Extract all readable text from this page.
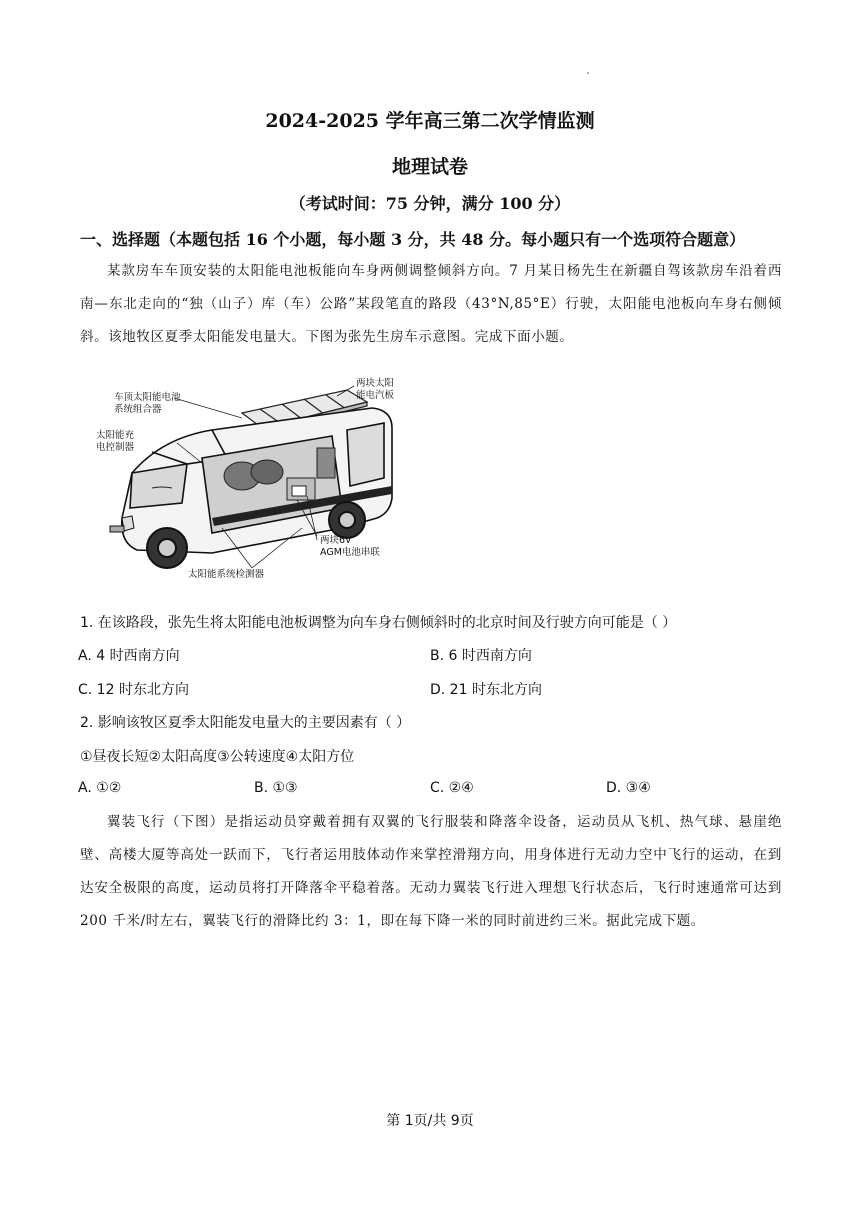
2024-2025 学年高三第二次学情监测
地理试卷
（考试时间：75 分钟，满分 100 分）
一、选择题（本题包括 16 个小题，每小题 3 分，共 48 分。每小题只有一个选项符合题意）
某款房车车顶安装的太阳能电池板能向车身两侧调整倾斜方向。7 月某日杨先生在新疆自驾该款房车沿着西南—东北走向的“独（山子）库（车）公路”某段笔直的路段（43°N,85°E）行驶，太阳能电池板向车身右侧倾斜。该地牧区夏季太阳能发电量大。下图为张先生房车示意图。完成下面小题。
车顶太阳能电池
系统组合器
两块太阳
能电汽板
太阳能充
电控制器
两块6V
AGM电池串联
太阳能系统检测器
1. 在该路段，张先生将太阳能电池板调整为向车身右侧倾斜时的北京时间及行驶方向可能是（ ）
A. 4 时西南方向	B. 6 时西南方向
C. 12 时东北方向	D. 21 时东北方向
2. 影响该牧区夏季太阳能发电量大的主要因素有（ ）
①昼夜长短②太阳高度③公转速度④太阳方位
A. ①②	B. ①③	C. ②④	D. ③④
翼装飞行（下图）是指运动员穿戴着拥有双翼的飞行服装和降落伞设备，运动员从飞机、热气球、悬崖绝壁、高楼大厦等高处一跃而下，飞行者运用肢体动作来掌控滑翔方向，用身体进行无动力空中飞行的运动，在到达安全极限的高度，运动员将打开降落伞平稳着落。无动力翼装飞行进入理想飞行状态后，飞行时速通常可达到 200 千米/时左右，翼装飞行的滑降比约 3：1，即在每下降一米的同时前进约三米。据此完成下题。
第 1页/共 9页
